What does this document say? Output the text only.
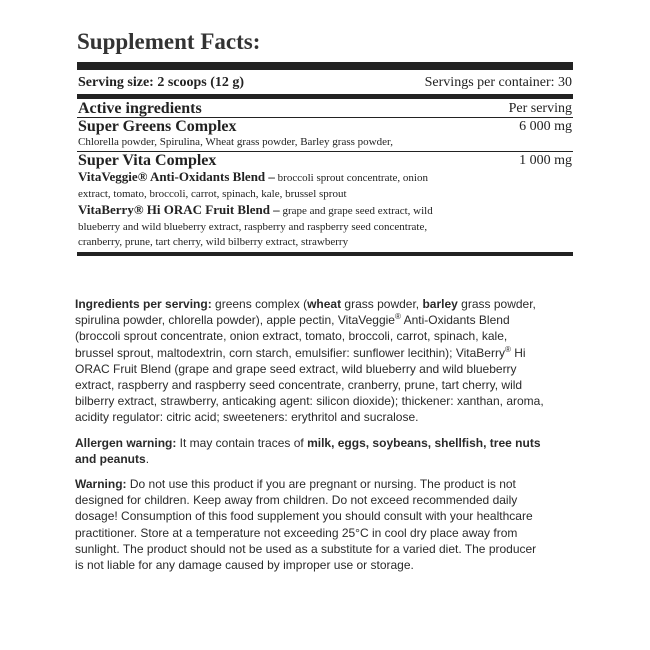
Supplement Facts:
Serving size: 2 scoops (12 g)	Servings per container: 30
Active ingredients	Per serving
Super Greens Complex	6 000 mg
Chlorella powder, Spirulina, Wheat grass powder, Barley grass powder,
Super Vita Complex	1 000 mg
VitaVeggie® Anti-Oxidants Blend – broccoli sprout concentrate, onion extract, tomato, broccoli, carrot, spinach, kale, brussel sprout
VitaBerry® Hi ORAC Fruit Blend – grape and grape seed extract, wild blueberry and wild blueberry extract, raspberry and raspberry seed concentrate, cranberry, prune, tart cherry, wild bilberry extract, strawberry

Ingredients per serving: greens complex (wheat grass powder, barley grass powder, spirulina powder, chlorella powder), apple pectin, VitaVeggie® Anti-Oxidants Blend (broccoli sprout concentrate, onion extract, tomato, broccoli, carrot, spinach, kale, brussel sprout, maltodextrin, corn starch, emulsifier: sunflower lecithin); VitaBerry® Hi ORAC Fruit Blend (grape and grape seed extract, wild blueberry and wild blueberry extract, raspberry and raspberry seed concentrate, cranberry, prune, tart cherry, wild bilberry extract, strawberry, anticaking agent: silicon dioxide); thickener: xanthan, aroma, acidity regulator: citric acid; sweeteners: erythritol and sucralose.

Allergen warning: It may contain traces of milk, eggs, soybeans, shellfish, tree nuts and peanuts.

Warning: Do not use this product if you are pregnant or nursing. The product is not designed for children. Keep away from children. Do not exceed recommended daily dosage! Consumption of this food supplement you should consult with your healthcare practitioner. Store at a temperature not exceeding 25°C in cool dry place away from sunlight. The product should not be used as a substitute for a varied diet. The producer is not liable for any damage caused by improper use or storage.
